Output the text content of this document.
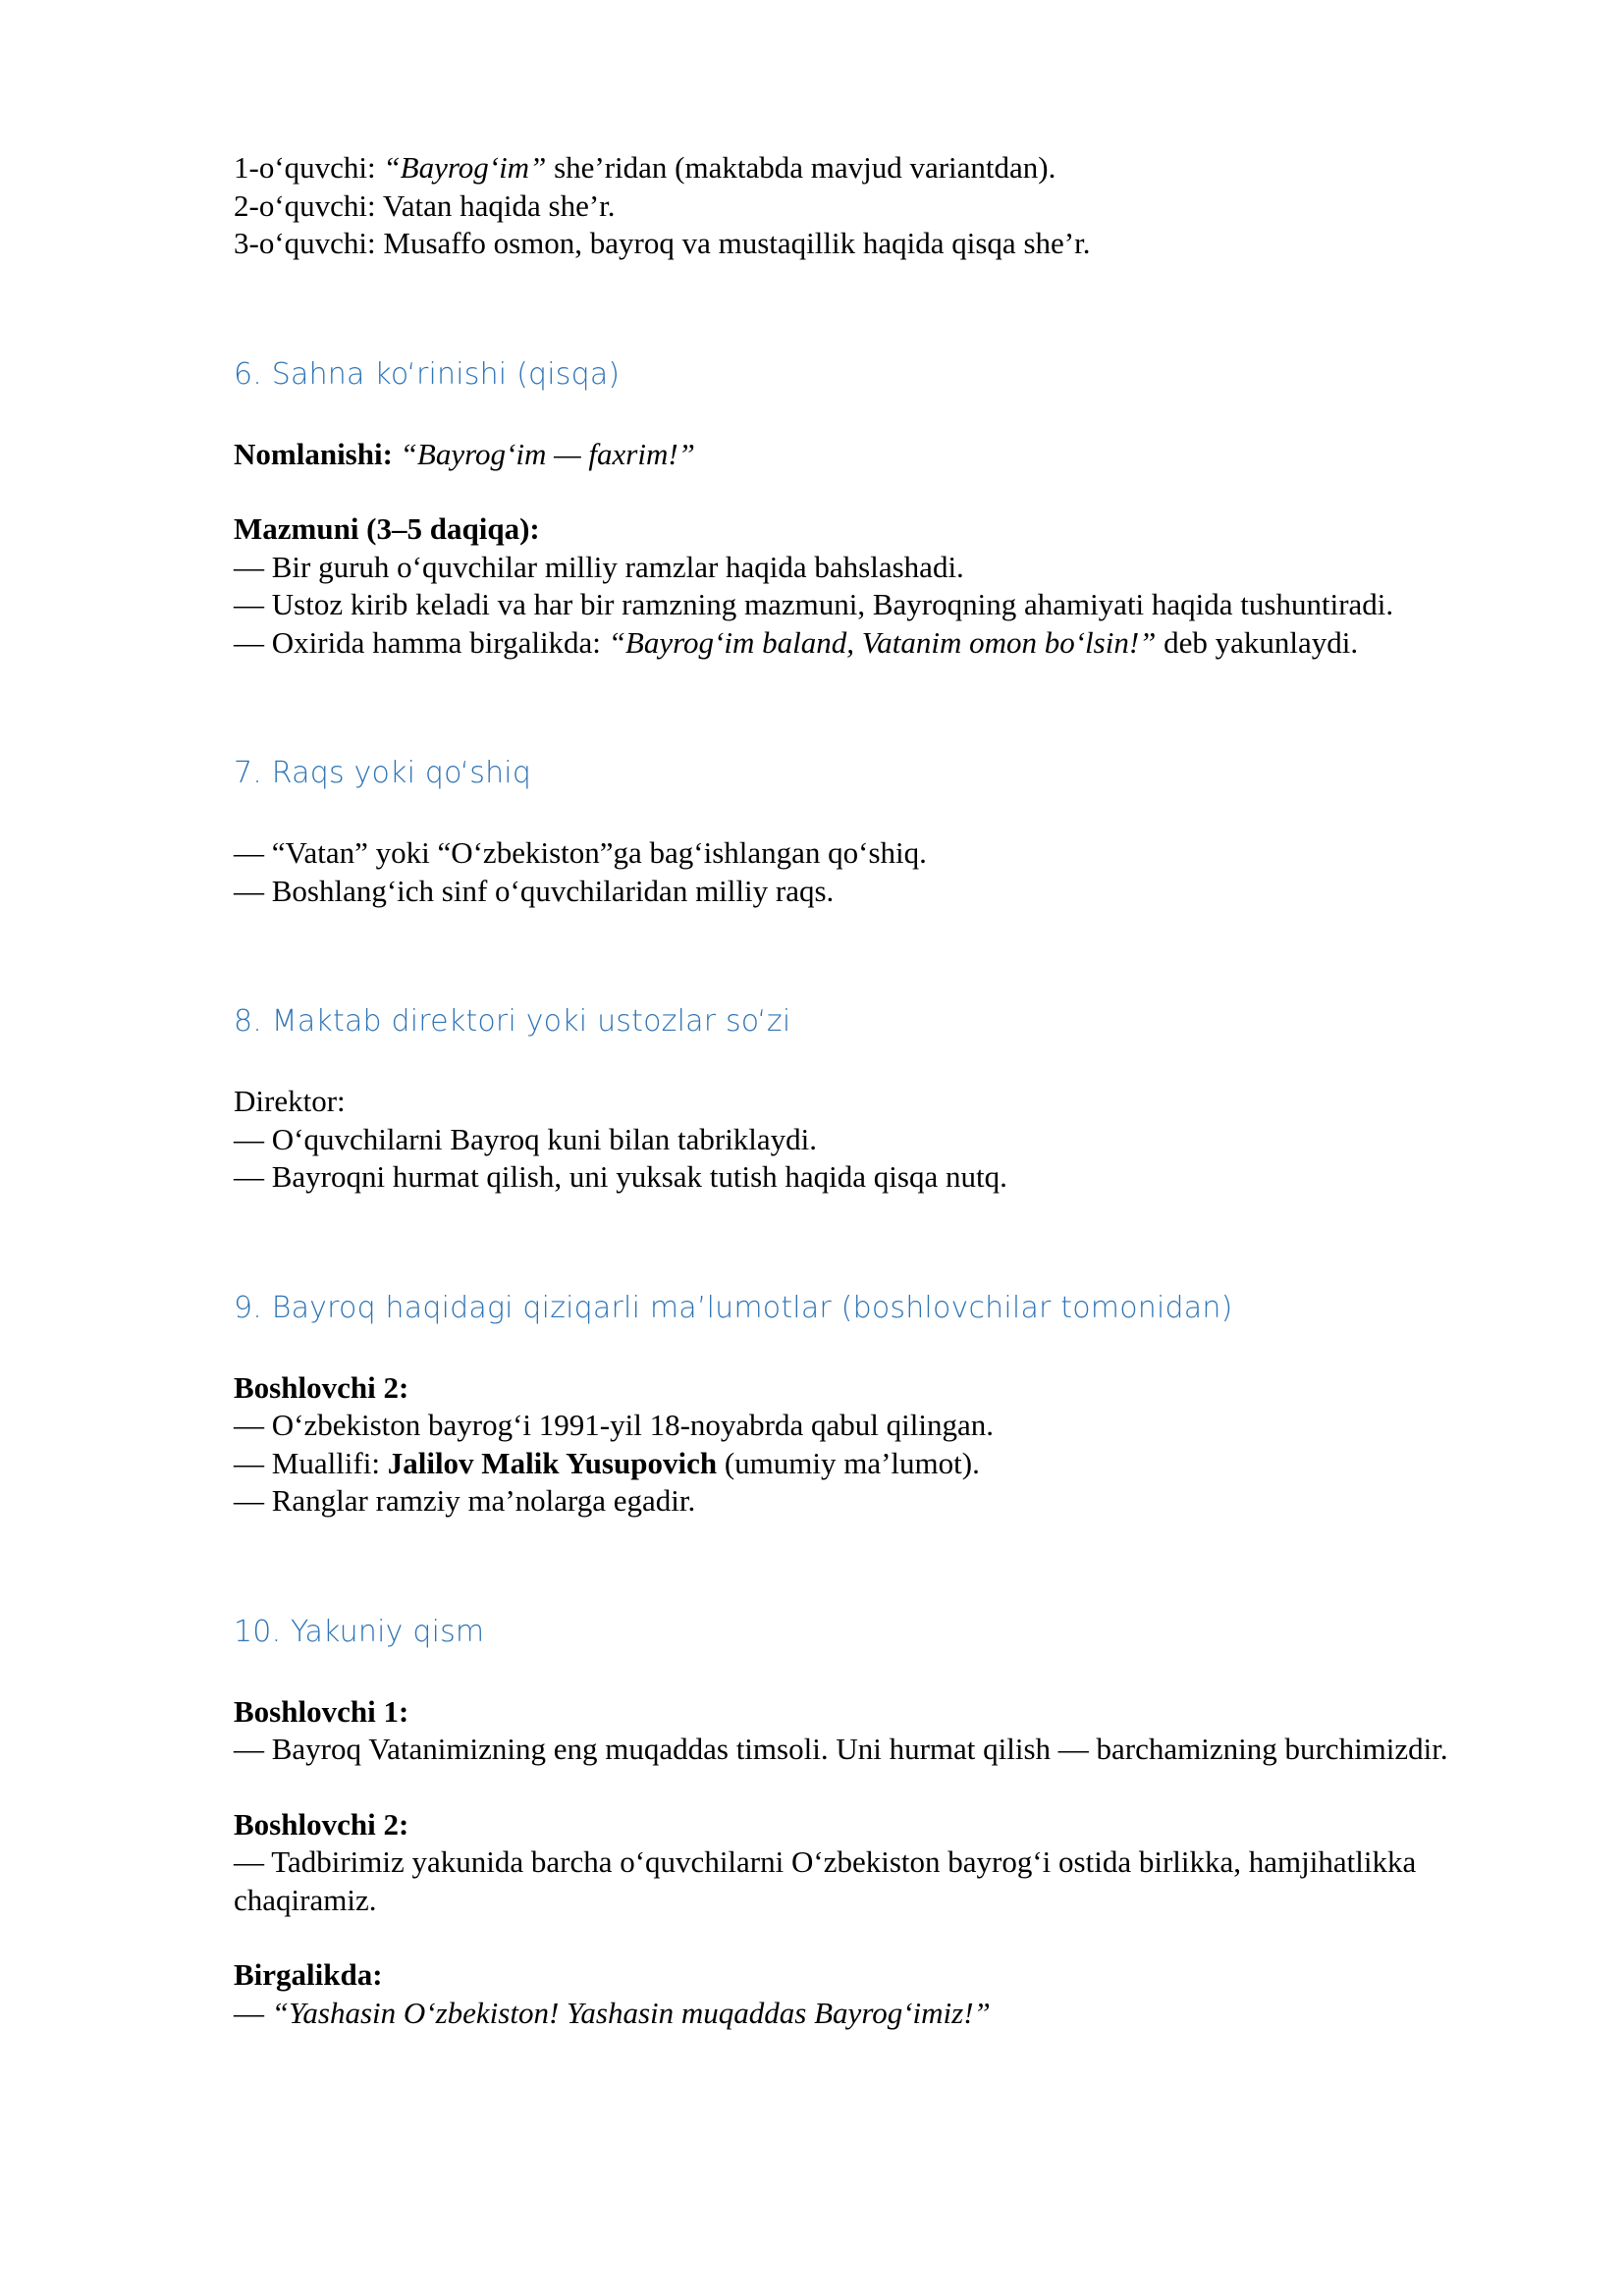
1-o‘quvchi: “Bayrog‘im” she’ridan (maktabda mavjud variantdan).

2-o‘quvchi: Vatan haqida she’r.

3-o‘quvchi: Musaffo osmon, bayroq va mustaqillik haqida qisqa she’r.

6. Sahna ko‘rinishi (qisqa)

Nomlanishi: “Bayrog‘im — faxrim!”

Mazmuni (3–5 daqiqa):

— Bir guruh o‘quvchilar milliy ramzlar haqida bahslashadi.

— Ustoz kirib keladi va har bir ramzning mazmuni, Bayroqning ahamiyati haqida tushuntiradi.

— Oxirida hamma birgalikda: “Bayrog‘im baland, Vatanim omon bo‘lsin!” deb yakunlaydi.

7. Raqs yoki qo‘shiq

— “Vatan” yoki “O‘zbekiston”ga bag‘ishlangan qo‘shiq.

— Boshlang‘ich sinf o‘quvchilaridan milliy raqs.

8. Maktab direktori yoki ustozlar so‘zi

Direktor:

— O‘quvchilarni Bayroq kuni bilan tabriklaydi.

— Bayroqni hurmat qilish, uni yuksak tutish haqida qisqa nutq.

9. Bayroq haqidagi qiziqarli ma’lumotlar (boshlovchilar tomonidan)

Boshlovchi 2:

— O‘zbekiston bayrog‘i 1991-yil 18-noyabrda qabul qilingan.

— Muallifi: Jalilov Malik Yusupovich (umumiy ma’lumot).

— Ranglar ramziy ma’nolarga egadir.

10. Yakuniy qism

Boshlovchi 1:

— Bayroq Vatanimizning eng muqaddas timsoli. Uni hurmat qilish — barchamizning burchimizdir.

Boshlovchi 2:

— Tadbirimiz yakunida barcha o‘quvchilarni O‘zbekiston bayrog‘i ostida birlikka, hamjihatlikka chaqiramiz.

Birgalikda:

— “Yashasin O‘zbekiston! Yashasin muqaddas Bayrog‘imiz!”
